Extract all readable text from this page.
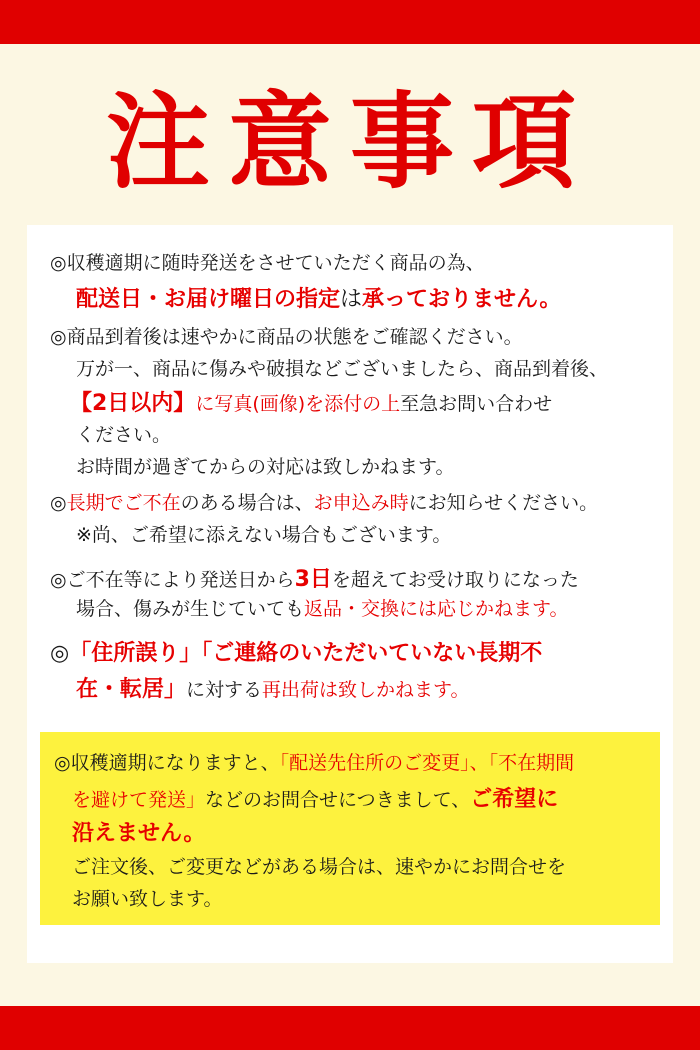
注意事項
◎収穫適期に随時発送をさせていただく商品の為、
配送日・お届け曜日の指定は承っておりません。
◎商品到着後は速やかに商品の状態をご確認ください。
万が一、商品に傷みや破損などございましたら、商品到着後、
【2日以内】に写真(画像)を添付の上至急お問い合わせ
ください。
お時間が過ぎてからの対応は致しかねます。
◎長期でご不在のある場合は、お申込み時にお知らせください。
※尚、ご希望に添えない場合もございます。
◎ご不在等により発送日から3日を超えてお受け取りになった
場合、傷みが生じていても返品・交換には応じかねます。
◎「住所誤り」「ご連絡のいただいていない長期不
在・転居」に対する再出荷は致しかねます。
◎収穫適期になりますと、「配送先住所のご変更」、「不在期間
を避けて発送」などのお問合せにつきまして、ご希望に
沿えません。
ご注文後、ご変更などがある場合は、速やかにお問合せを
お願い致します。
